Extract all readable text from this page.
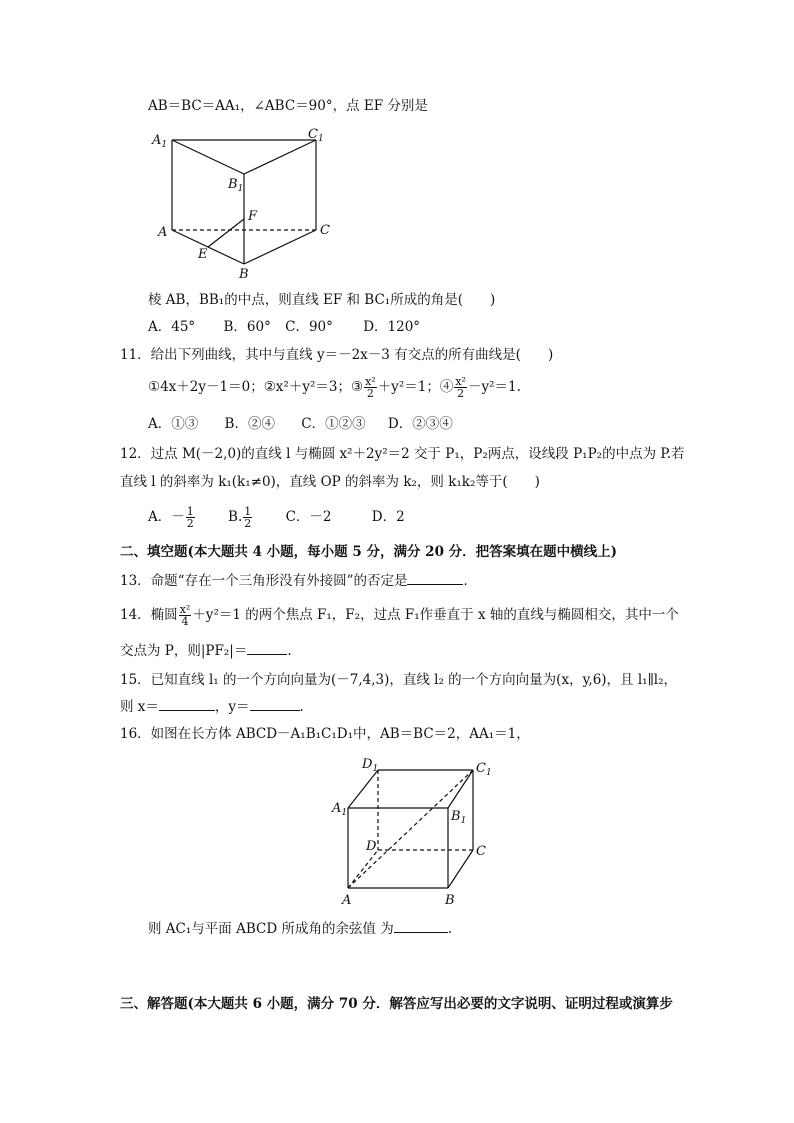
AB＝BC＝AA₁，∠ABC＝90°，点 EF 分别是
$A_1$
$C_1$
$B_1$
A	C
B
E
F
棱 AB，BB₁的中点，则直线 EF 和 BC₁所成的角是(　　)
A．45° B．60° C．90° D．120°
11．给出下列曲线，其中与直线 y＝－2x－3 有交点的所有曲线是(　　)
①4x＋2y－1＝0；②x²＋y²＝3；③ $\frac{\text{x²}}{2} +y^2=1$；④ $\frac{\text{x²}}{2} -y^2=1$.
A．①③ B．②④ C．①②③ D．②③④
12．过点 M(－2,0)的直线 l 与椭圆 x²＋2y²＝2 交于 P₁，P₂两点，设线段 P₁P₂的中点为 P.若
直线 l 的斜率为 k₁(k₁≠0)，直线 OP 的斜率为 k₂，则 k₁k₂等于(　　)
A．－ $\frac{1}{2} B$. $\frac{1}{2}$ C．－2	D．2
二、填空题(本大题共 4 小题，每小题 5 分，满分 20 分．把答案填在题中横线上)
13．命题“存在一个三角形没有外接圆”的否定是	．
14．椭圆 $\frac{\text{x²}}{4} +y^2=1$ 的两个焦点 F₁，F₂，过点 F₁作垂直于 x 轴的直线与椭圆相交，其中一个
交点为 P，则|PF₂|＝	.
15．已知直线 l₁ 的一个方向向量为(－7,4,3)，直线 l₂ 的一个方向向量为(x，y,6)，且 l₁∥l₂，
则 x＝	，y＝	.
16．如图在长方体 ABCD－A₁B₁C₁D₁中，AB＝BC＝2，AA₁＝1，
$D_1$	$C_1$
$A_1$	$B_1$
D	C
A	B
则 AC₁与平面 ABCD 所成角的余弦值 为	.
三、解答题(本大题共 6 小题，满分 70 分．解答应写出必要的文字说明、证明过程或演算步
